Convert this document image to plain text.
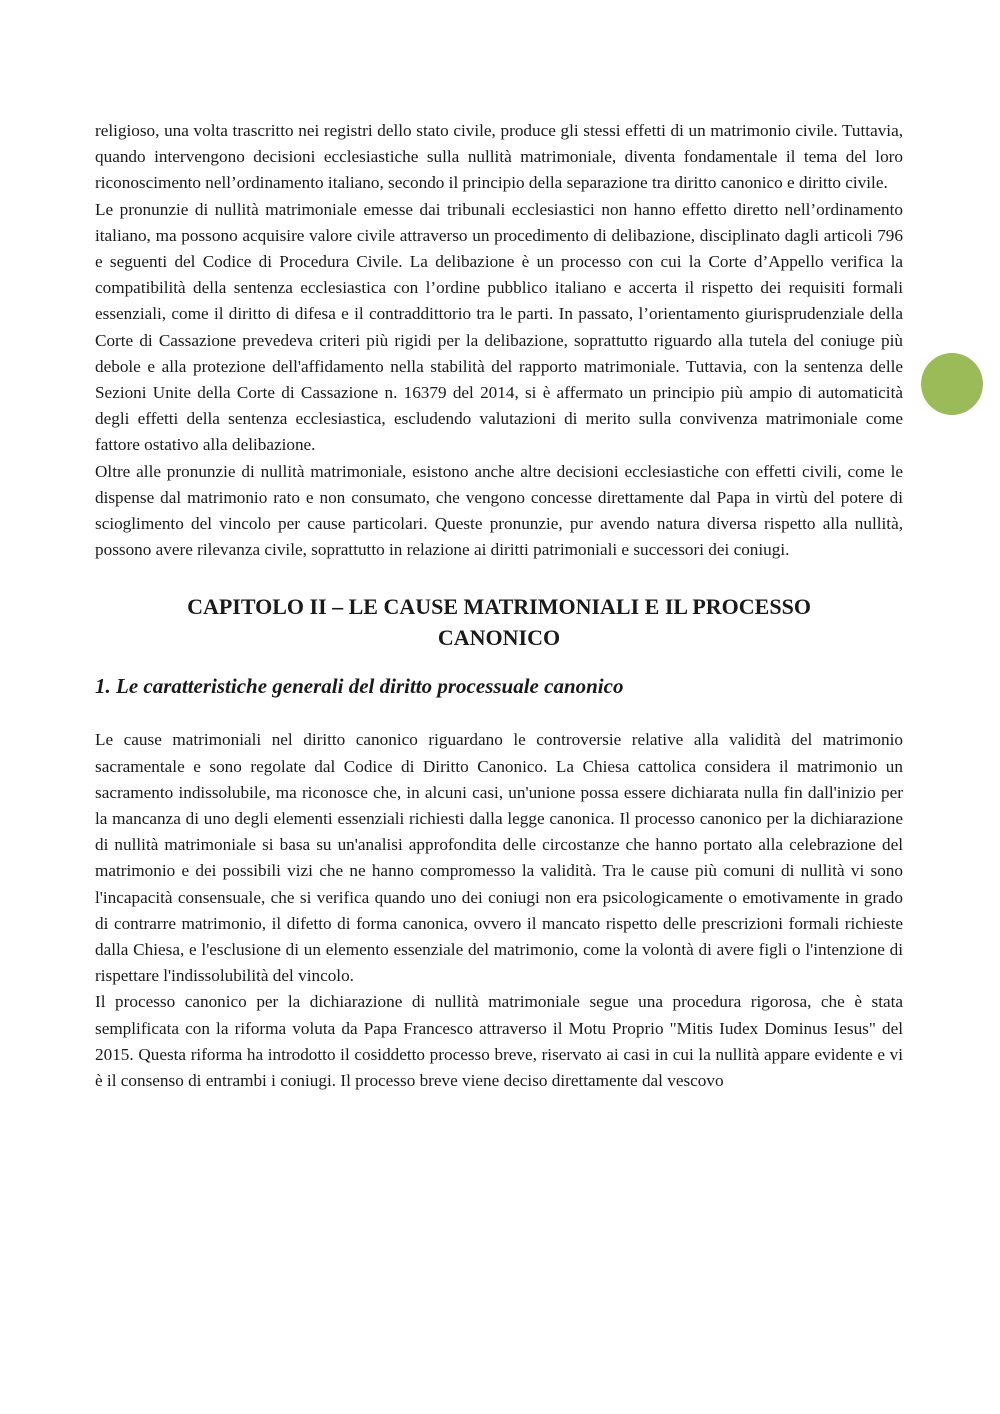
religioso, una volta trascritto nei registri dello stato civile, produce gli stessi effetti di un matrimonio civile. Tuttavia, quando intervengono decisioni ecclesiastiche sulla nullità matrimoniale, diventa fondamentale il tema del loro riconoscimento nell’ordinamento italiano, secondo il principio della separazione tra diritto canonico e diritto civile.

Le pronunzie di nullità matrimoniale emesse dai tribunali ecclesiastici non hanno effetto diretto nell’ordinamento italiano, ma possono acquisire valore civile attraverso un procedimento di delibazione, disciplinato dagli articoli 796 e seguenti del Codice di Procedura Civile. La delibazione è un processo con cui la Corte d’Appello verifica la compatibilità della sentenza ecclesiastica con l’ordine pubblico italiano e accerta il rispetto dei requisiti formali essenziali, come il diritto di difesa e il contraddittorio tra le parti. In passato, l’orientamento giurisprudenziale della Corte di Cassazione prevedeva criteri più rigidi per la delibazione, soprattutto riguardo alla tutela del coniuge più debole e alla protezione dell'affidamento nella stabilità del rapporto matrimoniale. Tuttavia, con la sentenza delle Sezioni Unite della Corte di Cassazione n. 16379 del 2014, si è affermato un principio più ampio di automaticità degli effetti della sentenza ecclesiastica, escludendo valutazioni di merito sulla convivenza matrimoniale come fattore ostativo alla delibazione.

Oltre alle pronunzie di nullità matrimoniale, esistono anche altre decisioni ecclesiastiche con effetti civili, come le dispense dal matrimonio rato e non consumato, che vengono concesse direttamente dal Papa in virtù del potere di scioglimento del vincolo per cause particolari. Queste pronunzie, pur avendo natura diversa rispetto alla nullità, possono avere rilevanza civile, soprattutto in relazione ai diritti patrimoniali e successori dei coniugi.

CAPITOLO II – LE CAUSE MATRIMONIALI E IL PROCESSO CANONICO
1. Le caratteristiche generali del diritto processuale canonico

Le cause matrimoniali nel diritto canonico riguardano le controversie relative alla validità del matrimonio sacramentale e sono regolate dal Codice di Diritto Canonico. La Chiesa cattolica considera il matrimonio un sacramento indissolubile, ma riconosce che, in alcuni casi, un'unione possa essere dichiarata nulla fin dall'inizio per la mancanza di uno degli elementi essenziali richiesti dalla legge canonica. Il processo canonico per la dichiarazione di nullità matrimoniale si basa su un'analisi approfondita delle circostanze che hanno portato alla celebrazione del matrimonio e dei possibili vizi che ne hanno compromesso la validità. Tra le cause più comuni di nullità vi sono l'incapacità consensuale, che si verifica quando uno dei coniugi non era psicologicamente o emotivamente in grado di contrarre matrimonio, il difetto di forma canonica, ovvero il mancato rispetto delle prescrizioni formali richieste dalla Chiesa, e l'esclusione di un elemento essenziale del matrimonio, come la volontà di avere figli o l'intenzione di rispettare l'indissolubilità del vincolo.

Il processo canonico per la dichiarazione di nullità matrimoniale segue una procedura rigorosa, che è stata semplificata con la riforma voluta da Papa Francesco attraverso il Motu Proprio "Mitis Iudex Dominus Iesus" del 2015. Questa riforma ha introdotto il cosiddetto processo breve, riservato ai casi in cui la nullità appare evidente e vi è il consenso di entrambi i coniugi. Il processo breve viene deciso direttamente dal vescovo
